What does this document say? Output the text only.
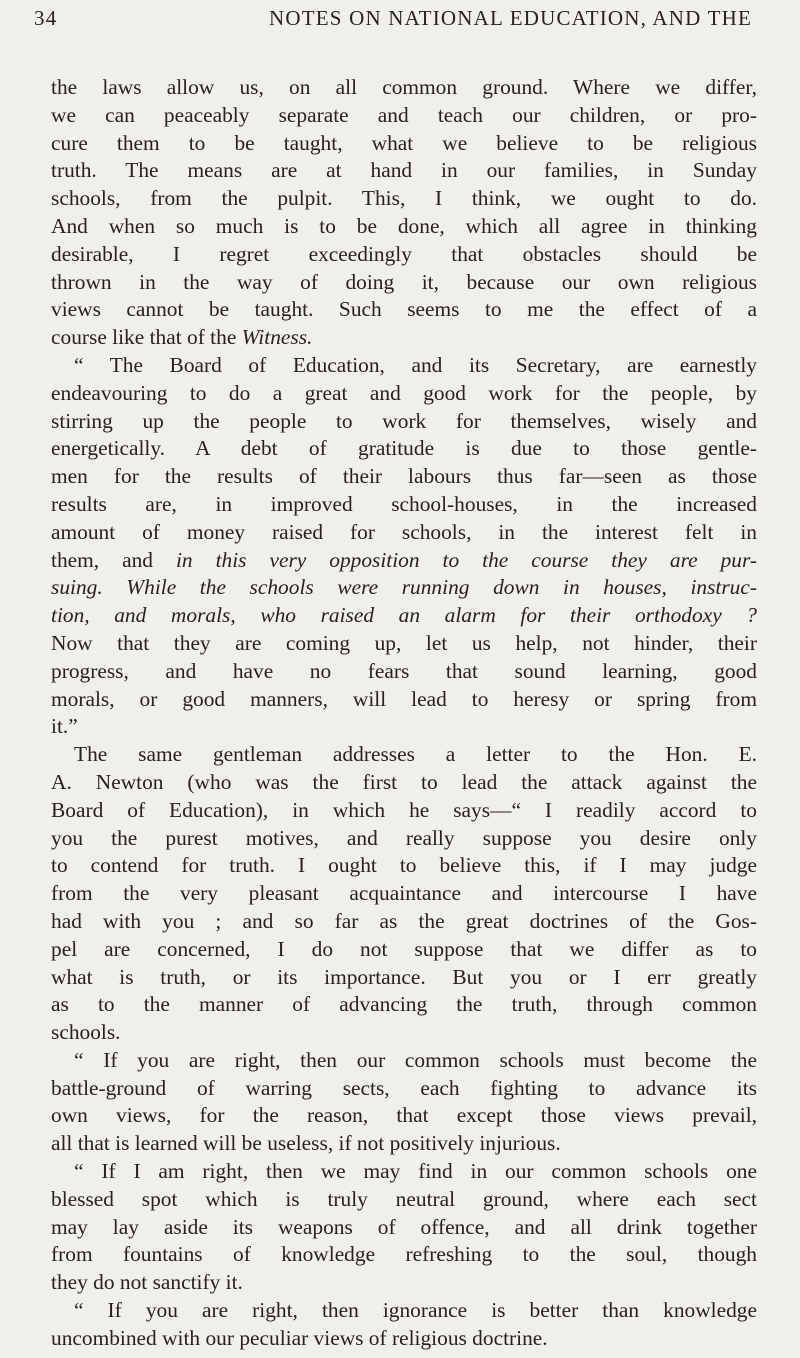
34	NOTES ON NATIONAL EDUCATION, AND THE
the laws allow us, on all common ground. Where we differ,
we can peaceably separate and teach our children, or pro-
cure them to be taught, what we believe to be religious
truth. The means are at hand in our families, in Sunday
schools, from the pulpit. This, I think, we ought to do.
And when so much is to be done, which all agree in thinking
desirable, I regret exceedingly that obstacles should be
thrown in the way of doing it, because our own religious
views cannot be taught. Such seems to me the effect of a
course like that of the Witness.
“ The Board of Education, and its Secretary, are earnestly
endeavouring to do a great and good work for the people, by
stirring up the people to work for themselves, wisely and
energetically. A debt of gratitude is due to those gentle-
men for the results of their labours thus far—seen as those
results are, in improved school-houses, in the increased
amount of money raised for schools, in the interest felt in
them, and in this very opposition to the course they are pur-
suing. While the schools were running down in houses, instruc-
tion, and morals, who raised an alarm for their orthodoxy ?
Now that they are coming up, let us help, not hinder, their
progress, and have no fears that sound learning, good
morals, or good manners, will lead to heresy or spring from
it.”
The same gentleman addresses a letter to the Hon. E.
A. Newton (who was the first to lead the attack against the
Board of Education), in which he says—“ I readily accord to
you the purest motives, and really suppose you desire only
to contend for truth. I ought to believe this, if I may judge
from the very pleasant acquaintance and intercourse I have
had with you ; and so far as the great doctrines of the Gos-
pel are concerned, I do not suppose that we differ as to
what is truth, or its importance. But you or I err greatly
as to the manner of advancing the truth, through common
schools.
“ If you are right, then our common schools must become the
battle-ground of warring sects, each fighting to advance its
own views, for the reason, that except those views prevail,
all that is learned will be useless, if not positively injurious.
“ If I am right, then we may find in our common schools one
blessed spot which is truly neutral ground, where each sect
may lay aside its weapons of offence, and all drink together
from fountains of knowledge refreshing to the soul, though
they do not sanctify it.
“ If you are right, then ignorance is better than knowledge
uncombined with our peculiar views of religious doctrine.
